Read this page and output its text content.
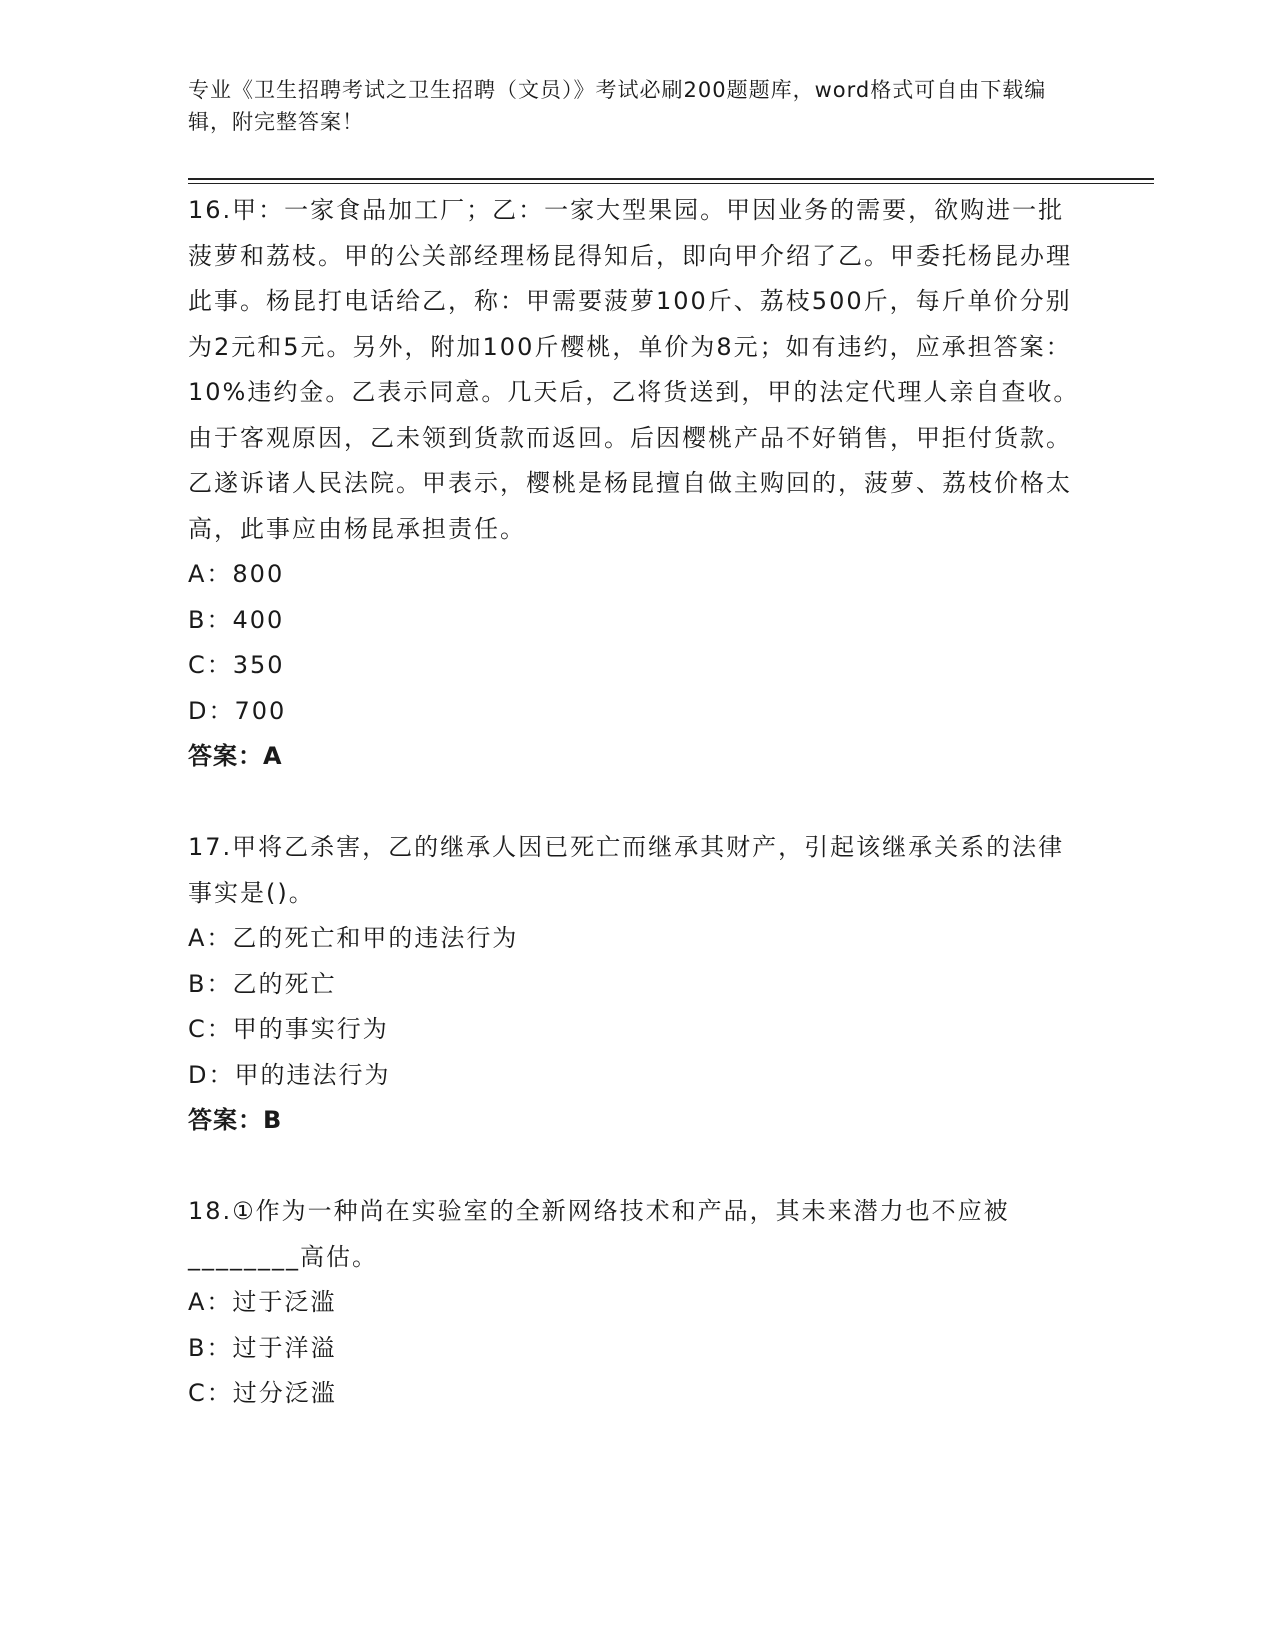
专业《卫生招聘考试之卫生招聘（文员）》考试必刷200题题库，word格式可自由下载编辑，附完整答案！
16.甲：一家食品加工厂；乙：一家大型果园。甲因业务的需要，欲购进一批菠萝和荔枝。甲的公关部经理杨昆得知后，即向甲介绍了乙。甲委托杨昆办理此事。杨昆打电话给乙，称：甲需要菠萝100斤、荔枝500斤，每斤单价分别为2元和5元。另外，附加100斤樱桃，单价为8元；如有违约，应承担答案：10%违约金。乙表示同意。几天后，乙将货送到，甲的法定代理人亲自查收。由于客观原因，乙未领到货款而返回。后因樱桃产品不好销售，甲拒付货款。乙遂诉诸人民法院。甲表示，樱桃是杨昆擅自做主购回的，菠萝、荔枝价格太高，此事应由杨昆承担责任。
A：800
B：400
C：350
D：700
答案：A
17.甲将乙杀害，乙的继承人因已死亡而继承其财产，引起该继承关系的法律事实是()。
A：乙的死亡和甲的违法行为
B：乙的死亡
C：甲的事实行为
D：甲的违法行为
答案：B
18.①作为一种尚在实验室的全新网络技术和产品，其未来潜力也不应被________高估。
A：过于泛滥
B：过于洋溢
C：过分泛滥
